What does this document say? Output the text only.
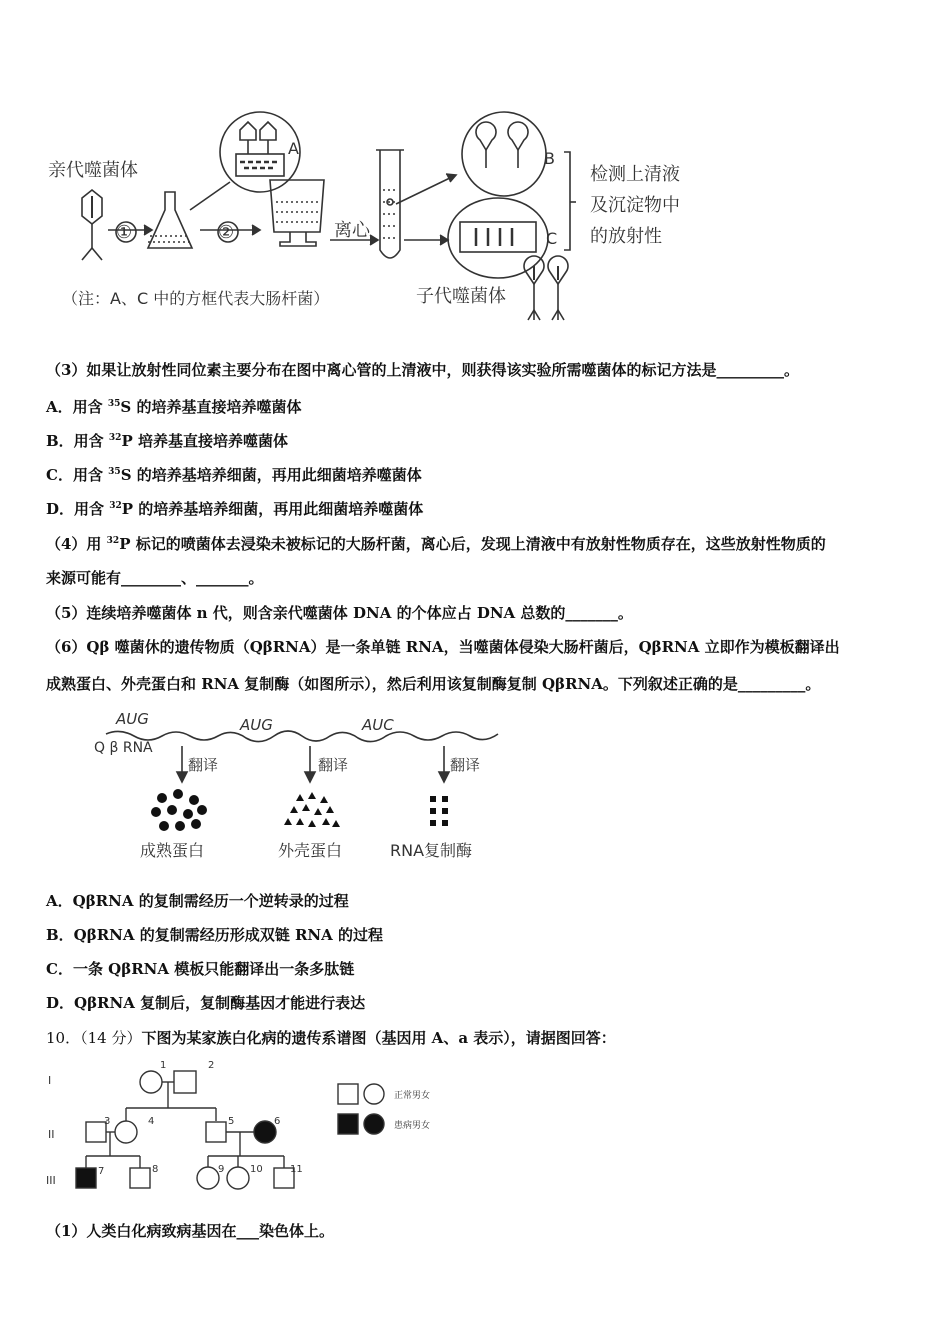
亲代噬菌体
①	②
A
离心
B
C
检测上清液
及沉淀物中
的放射性
（注：A、C 中的方框代表大肠杆菌）	子代噬菌体
（3）如果让放射性同位素主要分布在图中离心管的上清液中，则获得该实验所需噬菌体的标记方法是_________。
A．用含 $^{35}$S 的培养基直接培养噬菌体
B．用含 $^{32}$P 培养基直接培养噬菌体
C．用含 $^{35}$S 的培养基培养细菌，再用此细菌培养噬菌体
D．用含 $^{32}$P 的培养基培养细菌，再用此细菌培养噬菌体
（4）用 $^{32}$P 标记的喷菌体去浸染未被标记的大肠杆菌，离心后，发现上清液中有放射性物质存在，这些放射性物质的
来源可能有________、_______。
（5）连续培养噬菌体 n 代，则含亲代噬菌体 DNA 的个体应占 DNA 总数的_______。
（6）Qβ 噬菌休的遗传物质（QβRNA）是一条单链 RNA，当噬菌体侵染大肠杆菌后，QβRNA 立即作为模板翻译出
成熟蛋白、外壳蛋白和 RNA 复制酶（如图所示），然后利用该复制酶复制 QβRNA。下列叙述正确的是_________。
AUG	AUG	AUC
Q β RNA
翻译	翻译	翻译
成熟蛋白	外壳蛋白	RNA复制酶
A．QβRNA 的复制需经历一个逆转录的过程
B．QβRNA 的复制需经历形成双链 RNA 的过程
C．一条 QβRNA 模板只能翻译出一条多肽链
D．QβRNA 复制后，复制酶基因才能进行表达
10．（14 分）下图为某家族白化病的遗传系谱图（基因用 A、a 表示），请据图回答：
I
II
III
1	2
3	4	5	6
7	8	9	10	11
正常男女
患病男女
（1）人类白化病致病基因在___染色体上。
